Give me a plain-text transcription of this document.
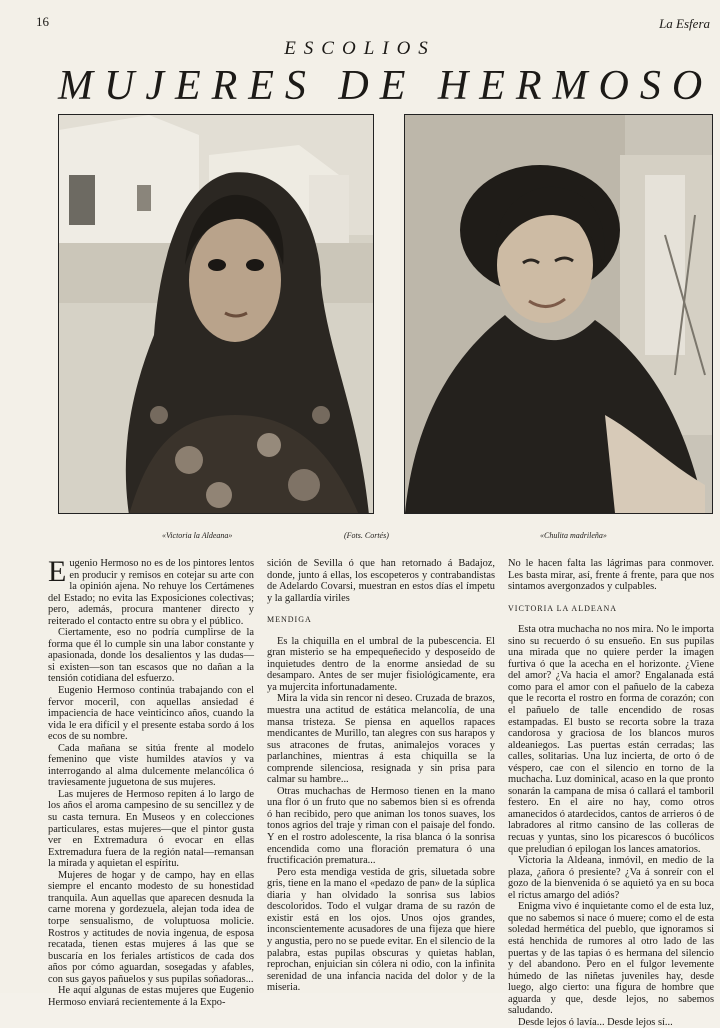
16	La Esfera
ESCOLIOS
MUJERES DE HERMOSO
«Victoria la Aldeana»	(Fots. Cortés)	«Chulita madrileña»

Eugenio Hermoso no es de los pintores lentos en producir y remisos en cotejar su arte con la opinión ajena. No rehuye los Certámenes del Estado; no evita las Exposiciones colectivas; pero, además, procura mantener directo y reiterado el contacto entre su obra y el público.

Ciertamente, eso no podría cumplirse de la forma que él lo cumple sin una labor constante y apasionada, donde los desalientos y las dudas—si existen—son tan escasos que no dañan a la tensión cotidiana del esfuerzo.

Eugenio Hermoso continúa trabajando con el fervor moceril, con aquellas ansiedad é impaciencia de hace veinticinco años, cuando la vida le era difícil y el presente estaba sordo á los ecos de su nombre.

Cada mañana se sitúa frente al modelo femenino que viste humildes atavíos y va interrogando al alma dulcemente melancólica ó traviesamente juguetona de sus mujeres.

Las mujeres de Hermoso repiten á lo largo de los años el aroma campesino de su sencillez y de su casta ternura. En Museos y en colecciones particulares, estas mujeres—que el pintor gusta ver en Extremadura ó evocar en ellas Extremadura fuera de la región natal—remansan la mirada y aquietan el espíritu.

Mujeres de hogar y de campo, hay en ellas siempre el encanto modesto de su honestidad tranquila. Aun aquellas que aparecen desnuda la carne morena y gordezuela, alejan toda idea de torpe sensualismo, de voluptuosa molicie. Rostros y actitudes de novia ingenua, de esposa recatada, tienen estas mujeres á las que se buscaría en los feriales artísticos de cada dos años por cómo aguardan, sosegadas y afables, con sus gayos pañuelos y sus pupilas soñadoras...

He aquí algunas de estas mujeres que Eugenio Hermoso enviará recientemente á la Expo-

sición de Sevilla ó que han retornado á Badajoz, donde, junto á ellas, los escopeteros y contrabandistas de Adelardo Covarsi, muestran en estos días el ímpetu y la gallardía viriles

MENDIGA

Es la chiquilla en el umbral de la pubescencia. El gran misterio se ha empequeñecido y desposeído de inquietudes dentro de la enorme ansiedad de su desamparo. Antes de ser mujer fisiológicamente, era ya mujercita infortunadamente.

Mira la vida sin rencor ni deseo. Cruzada de brazos, muestra una actitud de estática melancolía, de una mansa tristeza. Se piensa en aquellos rapaces mendicantes de Murillo, tan alegres con sus harapos y sus atracones de frutas, animalejos voraces y parlanchines, mientras á esta chiquilla se la comprende silenciosa, resignada y sin prisa para calmar su hambre...

Otras muchachas de Hermoso tienen en la mano una flor ó un fruto que no sabemos bien si es ofrenda ó han recibido, pero que animan los tonos suaves, los tonos agrios del traje y riman con el paisaje del fondo. Y en el rostro adolescente, la risa blanca ó la sonrisa encendida como una floración prematura ó una fructificación prematura...

Pero esta mendiga vestida de gris, siluetada sobre gris, tiene en la mano el «pedazo de pan» de la súplica diaria y han olvidado la sonrisa sus labios descoloridos. Todo el vulgar drama de su razón de existir está en los ojos. Unos ojos grandes, inconscientemente acusadores de una fijeza que hiere y angustia, pero no se puede evitar. En el silencio de la palabra, estas pupilas obscuras y quietas hablan, reprochan, enjuician sin cólera ni odio, con la infinita serenidad de una infancia nacida del dolor y de la miseria.

No le hacen falta las lágrimas para conmover. Les basta mirar, así, frente á frente, para que nos sintamos avergonzados y culpables.

VICTORIA LA ALDEANA

Esta otra muchacha no nos mira. No le importa sino su recuerdo ó su ensueño. En sus pupilas una mirada que no quiere perder la imagen furtiva ó que la acecha en el horizonte. ¿Viene del amor? ¿Va hacia el amor? Engalanada está como para el amor con el pañuelo de la cabeza que le recorta el rostro en forma de corazón; con el pañuelo de talle encendido de rosas estampadas. El busto se recorta sobre la traza candorosa y graciosa de los blancos muros aldeaniegos. Las puertas están cerradas; las calles, solitarias. Una luz incierta, de orto ó de véspero, cae con el silencio en torno de la muchacha. Luz dominical, acaso en la que pronto sonarán la campana de misa ó callará el tamboril festero. En el aire no hay, como otros amanecidos ó atardecidos, cantos de arrieros ó de labradores al ritmo cansino de las colleras de recuas y yuntas, sino los picarescos ó bucólicos que preludian ó epilogan los lances amatorios.

Victoria la Aldeana, inmóvil, en medio de la plaza, ¿añora ó presiente? ¿Va á sonreír con el gozo de la bienvenida ó se aquietó ya en su boca el rictus amargo del adiós?

Enigma vivo é inquietante como el de esta luz, que no sabemos si nace ó muere; como el de esta soledad hermética del pueblo, que ignoramos si está henchida de rumores al otro lado de las puertas y de las tapias ó es hermana del silencio y del abandono. Pero en el fulgor levemente húmedo de las niñetas juveniles hay, desde luego, algo cierto: una figura de hombre que aguarda y que, desde lejos, no sabemos saludando.

Desde lejos ó lavía... Desde lejos sí...
